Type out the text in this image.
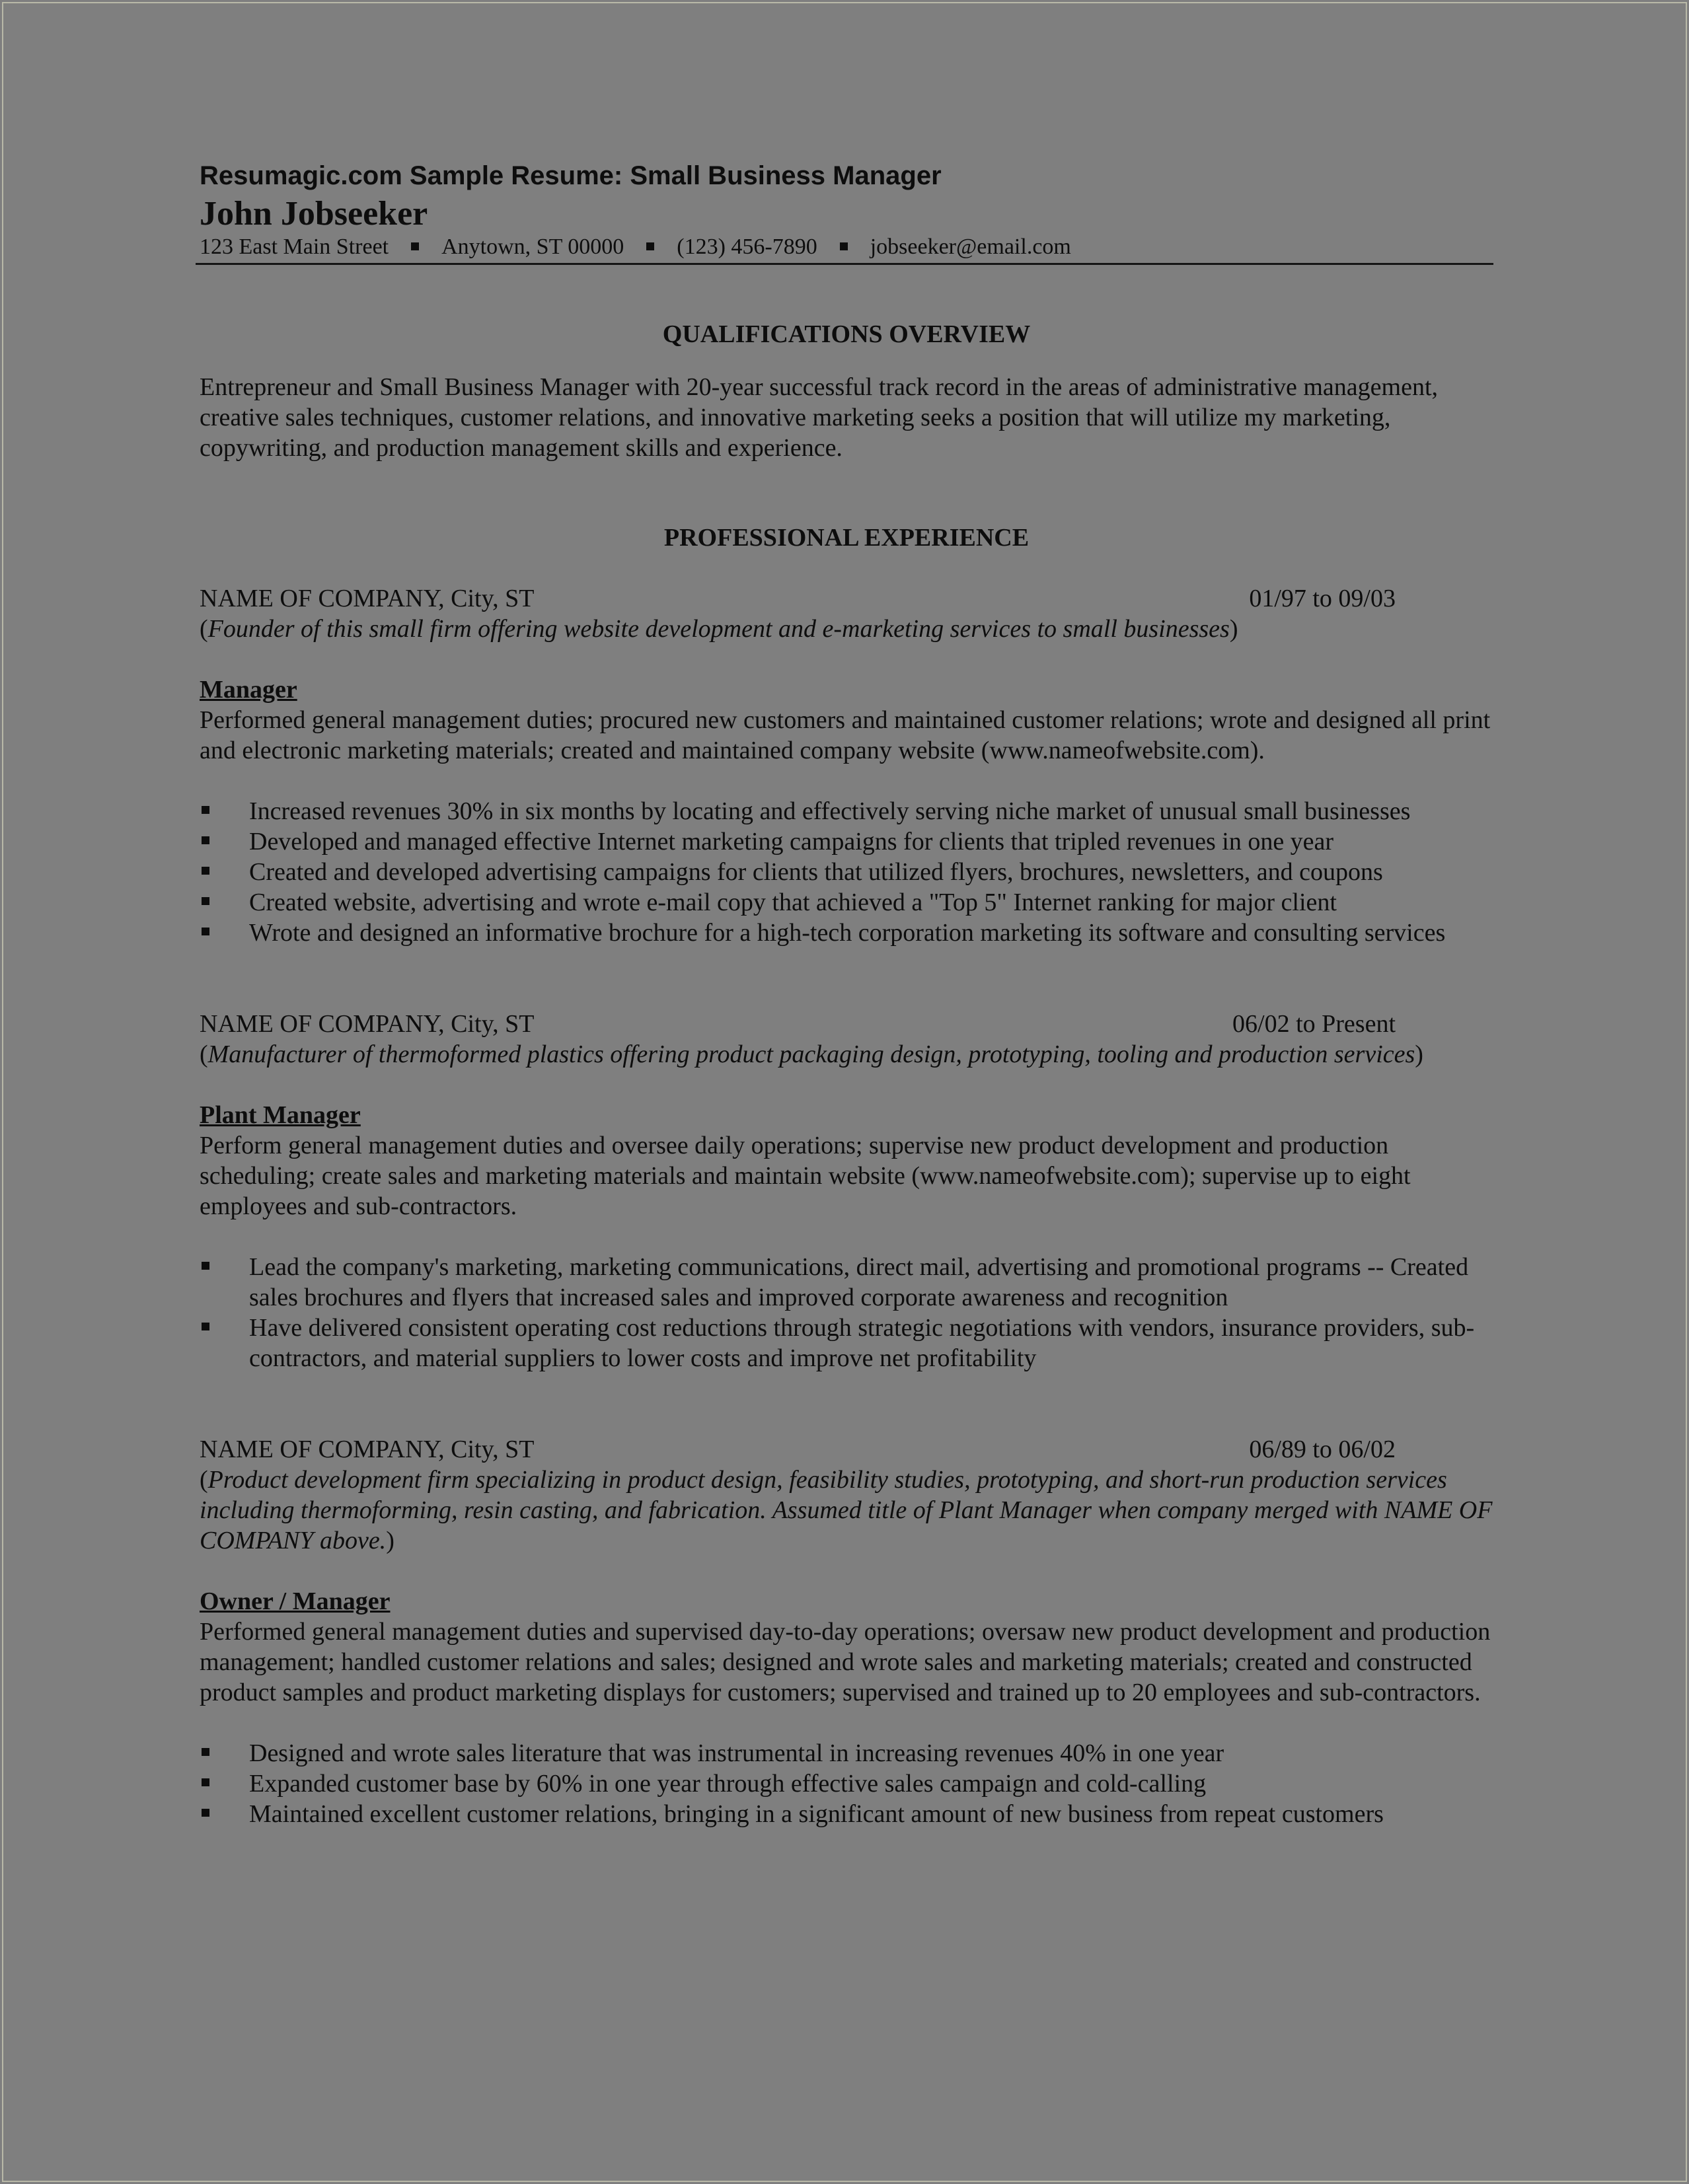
Resumagic.com Sample Resume: Small Business Manager
John Jobseeker
123 East Main Street Anytown, ST 00000 (123) 456-7890 jobseeker@email.com
QUALIFICATIONS OVERVIEW

Entrepreneur and Small Business Manager with 20-year successful track record in the areas of administrative management, creative sales techniques, customer relations, and innovative marketing seeks a position that will utilize my marketing, copywriting, and production management skills and experience.

PROFESSIONAL EXPERIENCE
NAME OF COMPANY, City, ST	01/97 to 09/03

(Founder of this small firm offering website development and e-marketing services to small businesses)

Manager

Performed general management duties; procured new customers and maintained customer relations; wrote and designed all print and electronic marketing materials; created and maintained company website (www.nameofwebsite.com).

Increased revenues 30% in six months by locating and effectively serving niche market of unusual small businesses
Developed and managed effective Internet marketing campaigns for clients that tripled revenues in one year
Created and developed advertising campaigns for clients that utilized flyers, brochures, newsletters, and coupons
Created website, advertising and wrote e-mail copy that achieved a "Top 5" Internet ranking for major client
Wrote and designed an informative brochure for a high-tech corporation marketing its software and consulting services
NAME OF COMPANY, City, ST	06/02 to Present

(Manufacturer of thermoformed plastics offering product packaging design, prototyping, tooling and production services)

Plant Manager

Perform general management duties and oversee daily operations; supervise new product development and production scheduling; create sales and marketing materials and maintain website (www.nameofwebsite.com); supervise up to eight employees and sub-contractors.

Lead the company's marketing, marketing communications, direct mail, advertising and promotional programs -- Created sales brochures and flyers that increased sales and improved corporate awareness and recognition
Have delivered consistent operating cost reductions through strategic negotiations with vendors, insurance providers, sub-contractors, and material suppliers to lower costs and improve net profitability
NAME OF COMPANY, City, ST	06/89 to 06/02

(Product development firm specializing in product design, feasibility studies, prototyping, and short-run production services including thermoforming, resin casting, and fabrication. Assumed title of Plant Manager when company merged with NAME OF COMPANY above.)

Owner / Manager

Performed general management duties and supervised day-to-day operations; oversaw new product development and production management; handled customer relations and sales; designed and wrote sales and marketing materials; created and constructed product samples and product marketing displays for customers; supervised and trained up to 20 employees and sub-contractors.

Designed and wrote sales literature that was instrumental in increasing revenues 40% in one year
Expanded customer base by 60% in one year through effective sales campaign and cold-calling
Maintained excellent customer relations, bringing in a significant amount of new business from repeat customers
